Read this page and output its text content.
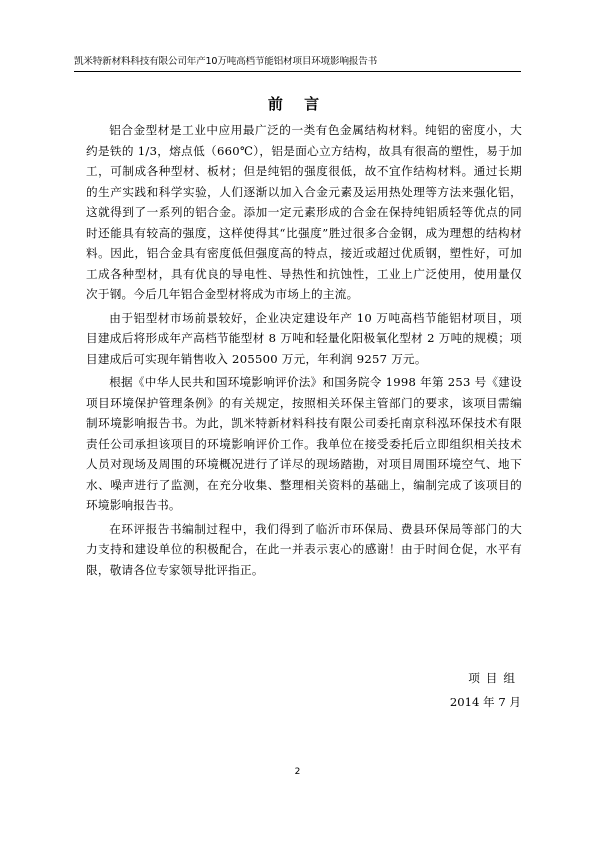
凯米特新材料科技有限公司年产10万吨高档节能铝材项目环境影响报告书
前 言

铝合金型材是工业中应用最广泛的一类有色金属结构材料。纯铝的密度小，大约是铁的 1/3，熔点低（660℃），铝是面心立方结构，故具有很高的塑性，易于加工，可制成各种型材、板材；但是纯铝的强度很低，故不宜作结构材料。通过长期的生产实践和科学实验，人们逐渐以加入合金元素及运用热处理等方法来强化铝，这就得到了一系列的铝合金。添加一定元素形成的合金在保持纯铝质轻等优点的同时还能具有较高的强度，这样使得其“比强度”胜过很多合金钢，成为理想的结构材料。因此，铝合金具有密度低但强度高的特点，接近或超过优质钢，塑性好，可加工成各种型材，具有优良的导电性、导热性和抗蚀性，工业上广泛使用，使用量仅次于钢。今后几年铝合金型材将成为市场上的主流。

由于铝型材市场前景较好，企业决定建设年产 10 万吨高档节能铝材项目，项目建成后将形成年产高档节能型材 8 万吨和轻量化阳极氧化型材 2 万吨的规模；项目建成后可实现年销售收入 205500 万元，年利润 9257 万元。

根据《中华人民共和国环境影响评价法》和国务院令 1998 年第 253 号《建设项目环境保护管理条例》的有关规定，按照相关环保主管部门的要求，该项目需编制环境影响报告书。为此，凯米特新材料科技有限公司委托南京科泓环保技术有限责任公司承担该项目的环境影响评价工作。我单位在接受委托后立即组织相关技术人员对现场及周围的环境概况进行了详尽的现场踏勘，对项目周围环境空气、地下水、噪声进行了监测，在充分收集、整理相关资料的基础上，编制完成了该项目的环境影响报告书。

在环评报告书编制过程中，我们得到了临沂市环保局、费县环保局等部门的大力支持和建设单位的积极配合，在此一并表示衷心的感谢！由于时间仓促，水平有限，敬请各位专家领导批评指正。

项目组
2014 年 7 月
2
